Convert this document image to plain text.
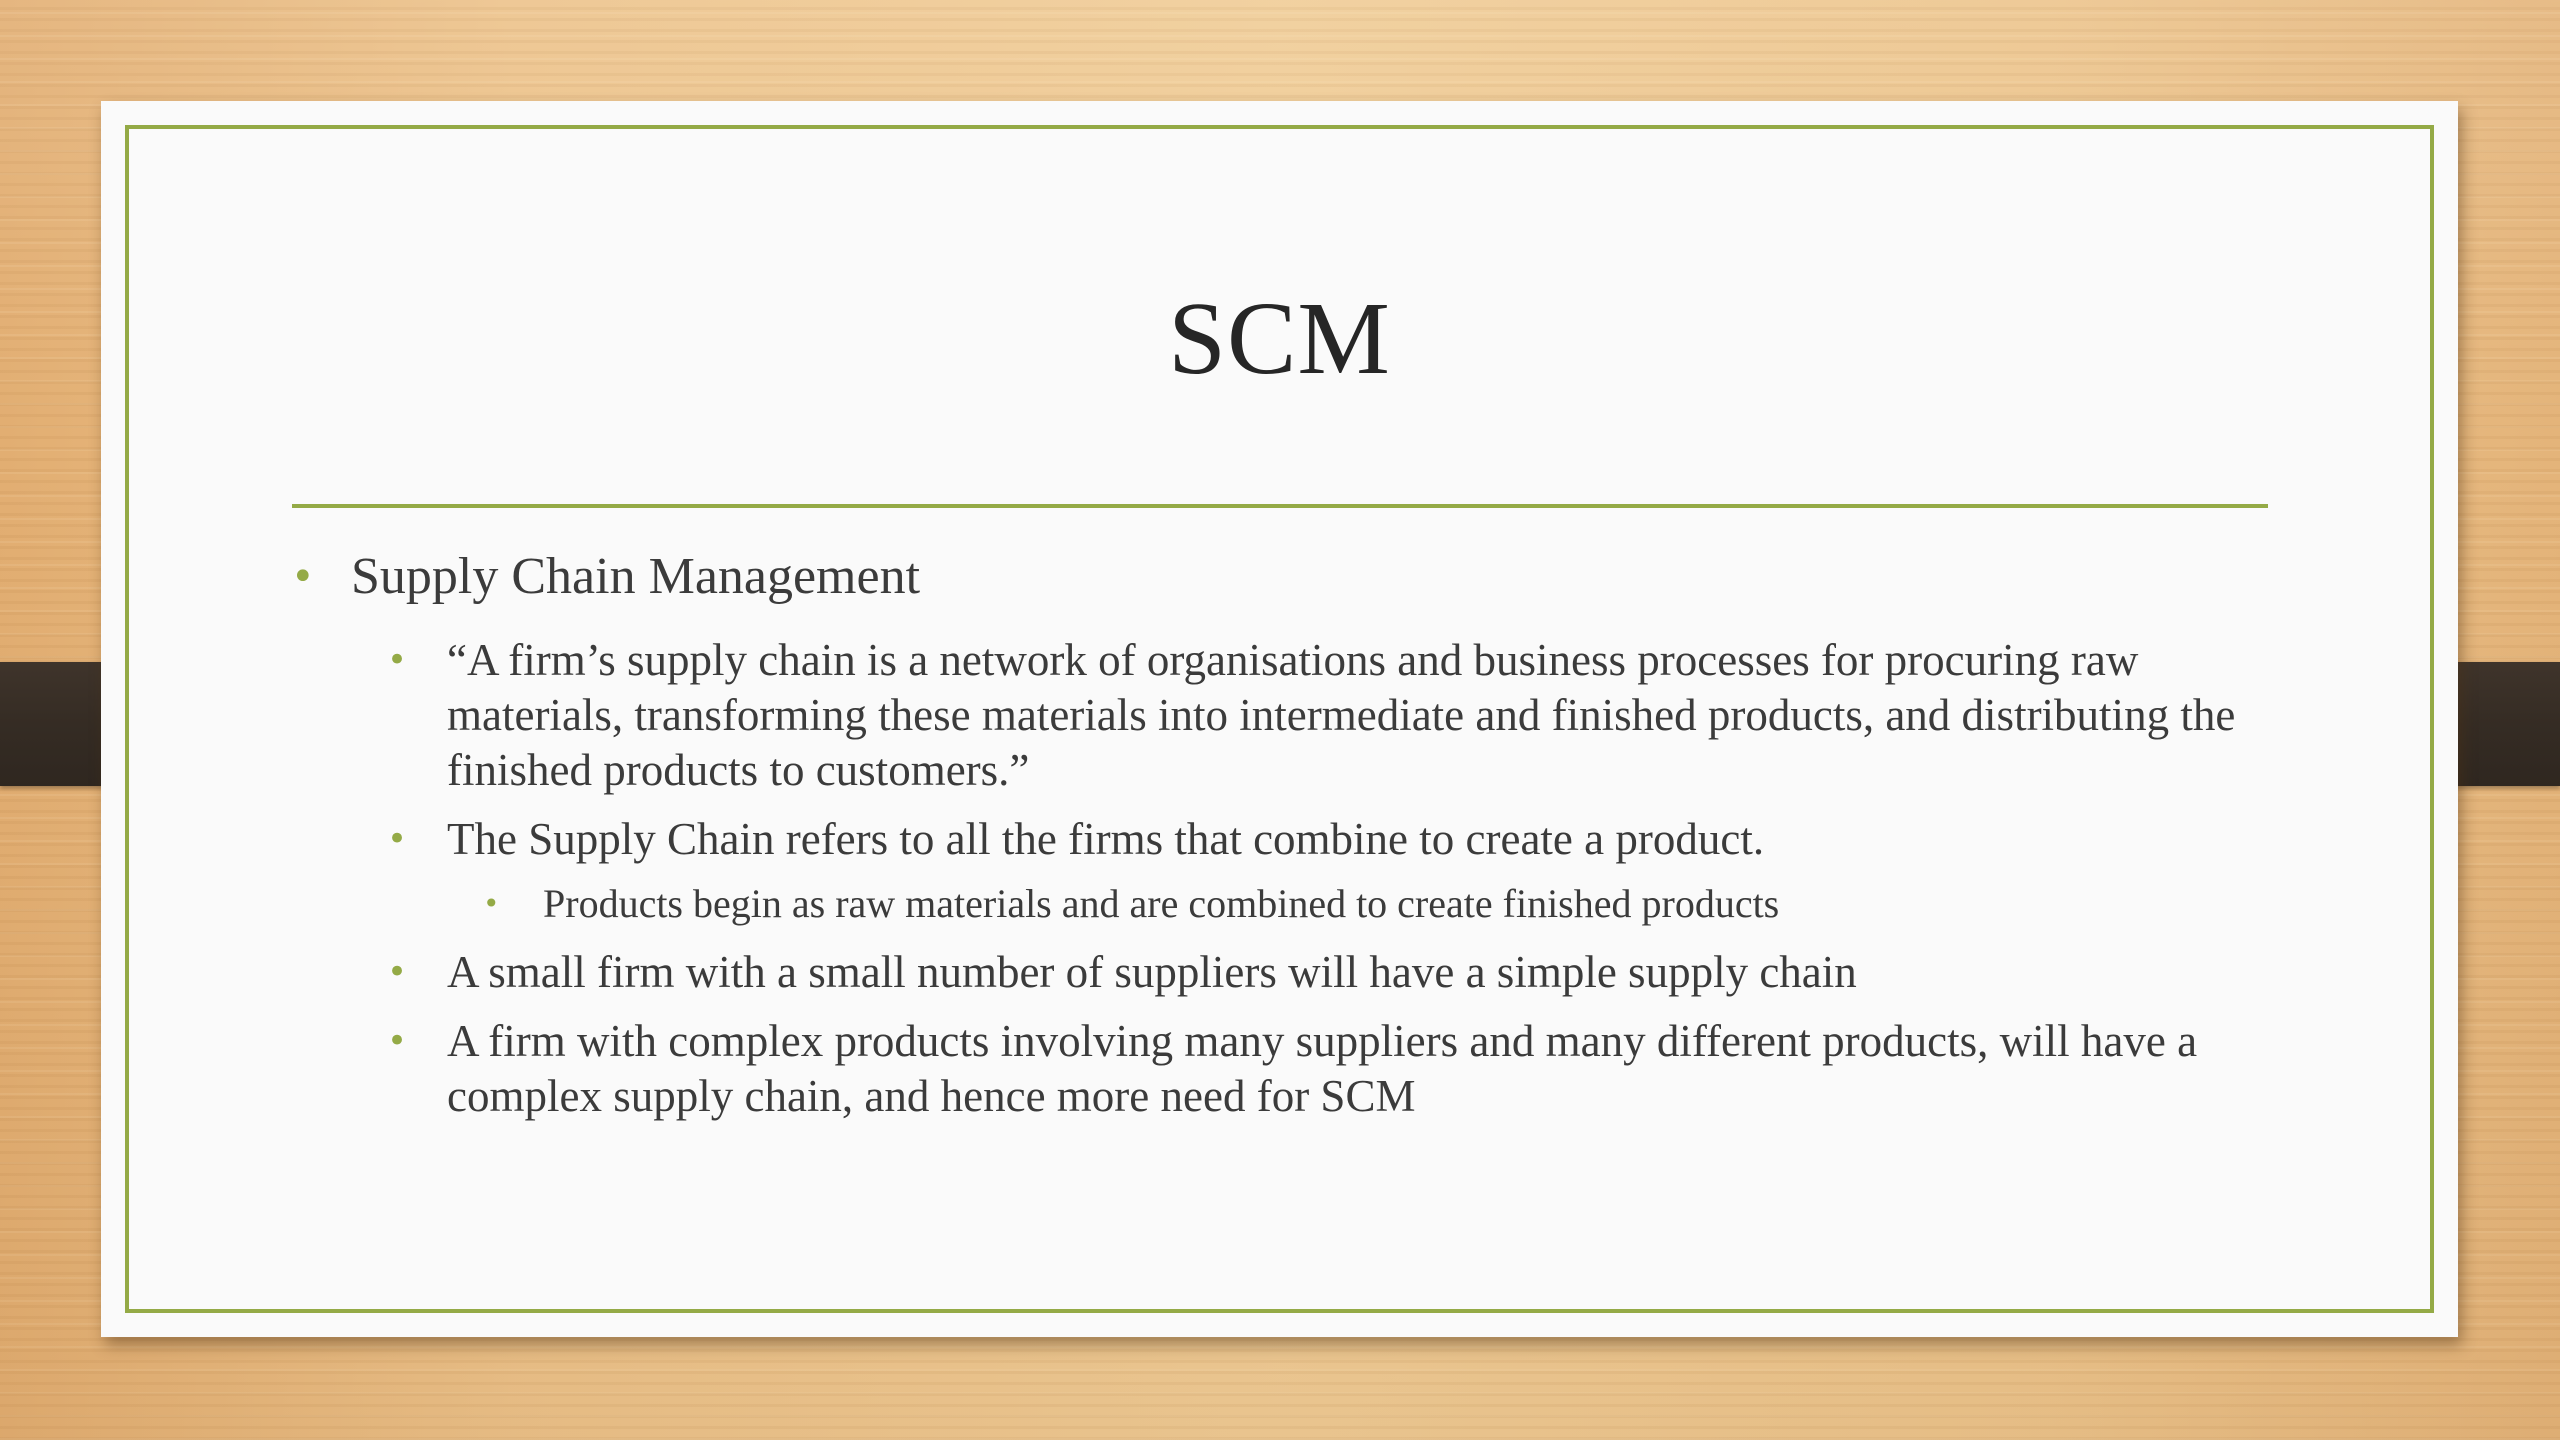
SCM
• Supply Chain Management
• “A firm’s supply chain is a network of organisations and business processes for procuring raw materials, transforming these materials into intermediate and finished products, and distributing the finished products to customers.”
• The Supply Chain refers to all the firms that combine to create a product.
• Products begin as raw materials and are combined to create finished products
• A small firm with a small number of suppliers will have a simple supply chain
• A firm with complex products involving many suppliers and many different products, will have a complex supply chain, and hence more need for SCM
